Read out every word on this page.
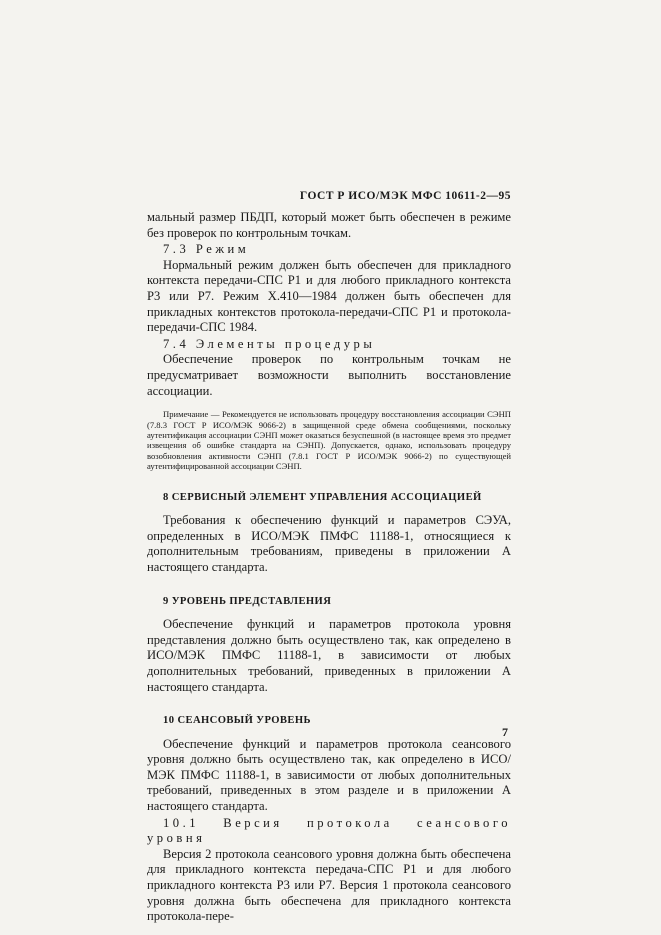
ГОСТ Р ИСО/МЭК МФС 10611-2—95

мальный размер ПБДП, который может быть обеспечен в режиме без проверок по контрольным точкам.

7.3 Режим

Нормальный режим должен быть обеспечен для прикладного контекста передачи-СПС Р1 и для любого прикладного контекста Р3 или Р7. Режим X.410—1984 должен быть обеспечен для прикладных контекстов протокола-передачи-СПС Р1 и протокола-передачи-СПС 1984.

7.4 Элементы процедуры

Обеспечение проверок по контрольным точкам не предусматривает возможности выполнить восстановление ассоциации.

Примечание — Рекомендуется не использовать процедуру восстановления ассоциации СЭНП (7.8.3 ГОСТ Р ИСО/МЭК 9066-2) в защищенной среде обмена сообщениями, поскольку аутентификация ассоциации СЭНП может оказаться безуспешной (в настоящее время это предмет извещения об ошибке стандарта на СЭНП). Допускается, однако, использовать процедуру возобновления активности СЭНП (7.8.1 ГОСТ Р ИСО/МЭК 9066-2) по существующей аутентифицированной ассоциации СЭНП.

8 СЕРВИСНЫЙ ЭЛЕМЕНТ УПРАВЛЕНИЯ АССОЦИАЦИЕЙ

Требования к обеспечению функций и параметров СЭУА, определенных в ИСО/МЭК ПМФС 11188-1, относящиеся к дополнительным требованиям, приведены в приложении А настоящего стандарта.

9 УРОВЕНЬ ПРЕДСТАВЛЕНИЯ

Обеспечение функций и параметров протокола уровня представления должно быть осуществлено так, как определено в ИСО/МЭК ПМФС 11188-1, в зависимости от любых дополнительных требований, приведенных в приложении А настоящего стандарта.

10 СЕАНСОВЫЙ УРОВЕНЬ

Обеспечение функций и параметров протокола сеансового уровня должно быть осуществлено так, как определено в ИСО/МЭК ПМФС 11188-1, в зависимости от любых дополнительных требований, приведенных в этом разделе и в приложении А настоящего стандарта.

10.1 Версия протокола сеансового уровня

Версия 2 протокола сеансового уровня должна быть обеспечена для прикладного контекста передача-СПС Р1 и для любого прикладного контекста Р3 или Р7. Версия 1 протокола сеансового уровня должна быть обеспечена для прикладного контекста протокола-пере-

7
